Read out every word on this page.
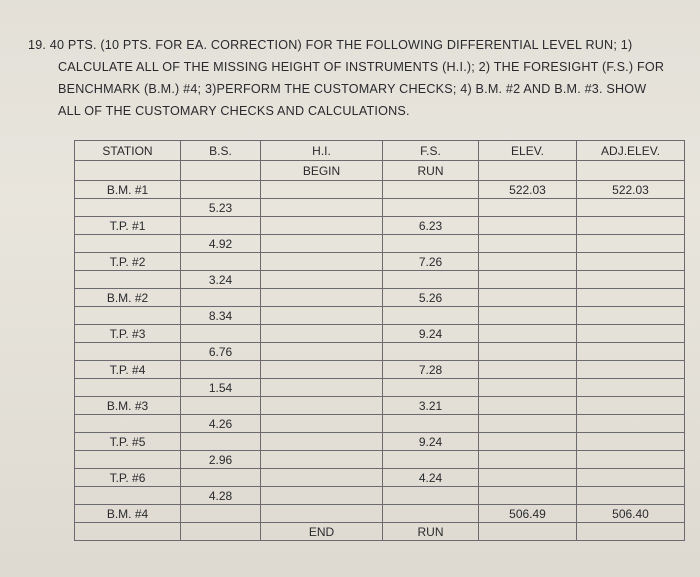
19. 40 PTS. (10 PTS. FOR EA. CORRECTION) FOR THE FOLLOWING DIFFERENTIAL LEVEL RUN; 1)
CALCULATE ALL OF THE MISSING HEIGHT OF INSTRUMENTS (H.I.); 2) THE FORESIGHT (F.S.) FOR
BENCHMARK (B.M.) #4; 3)PERFORM THE CUSTOMARY CHECKS; 4) B.M. #2 AND B.M. #3. SHOW
ALL OF THE CUSTOMARY CHECKS AND CALCULATIONS.
STATION	B.S.	H.I.	F.S.	ELEV.	ADJ.ELEV.
		BEGIN	RUN		
B.M. #1				522.03	522.03
	5.23				
T.P. #1			6.23		
	4.92				
T.P. #2			7.26		
	3.24				
B.M. #2			5.26		
	8.34				
T.P. #3			9.24		
	6.76				
T.P. #4			7.28		
	1.54				
B.M. #3			3.21		
	4.26				
T.P. #5			9.24		
	2.96				
T.P. #6			4.24		
	4.28				
B.M. #4				506.49	506.40
		END	RUN		
